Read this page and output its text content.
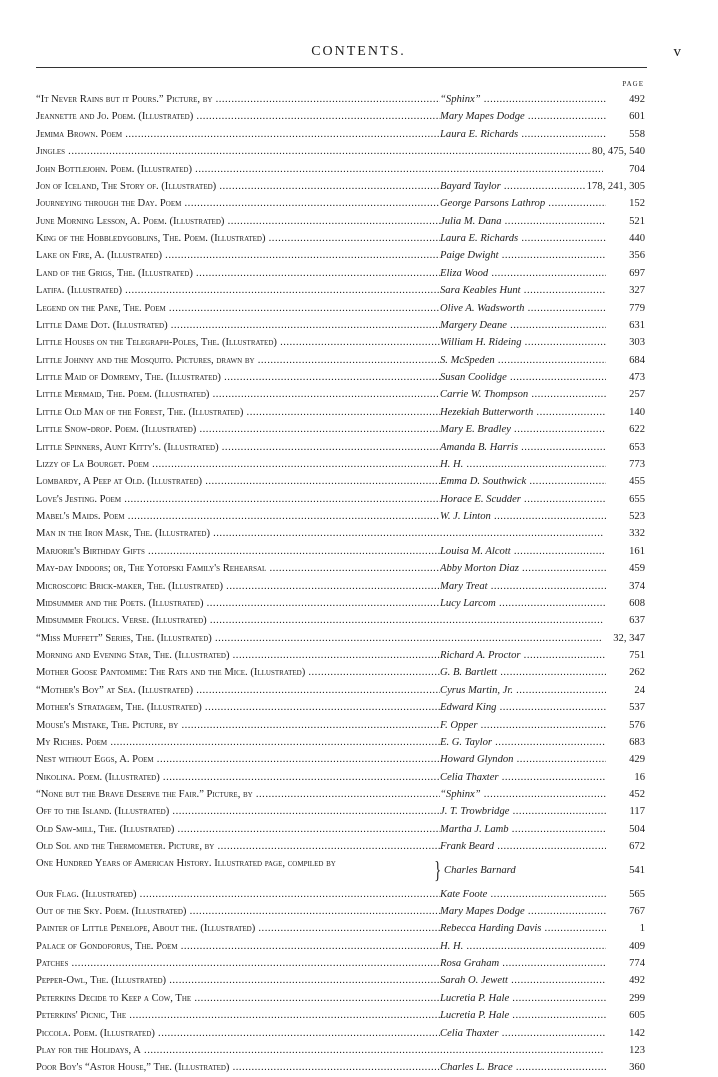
CONTENTS.	v
PAGE
“It Never Rains but it Pours.” Picture, by .....	“Sphinx” .....	492
Jeannette and Jo. Poem. (Illustrated) .....	Mary Mapes Dodge .....	601
Jemima Brown. Poem .....	Laura E. Richards .....	558
Jingles .....	80, 475, 540
John Bottlejohn. Poem. (Illustrated) .....	704
Jon of Iceland, The Story of. (Illustrated) .....	Bayard Taylor .....	178, 241, 305
Journeying through the Day. Poem .....	George Parsons Lathrop .....	152
June Morning Lesson, A. Poem. (Illustrated) .....	Julia M. Dana .....	521
King of the Hobbledygoblins, The. Poem. (Illustrated) .....	Laura E. Richards .....	440
Lake on Fire, A. (Illustrated) .....	Paige Dwight .....	356
Land of the Grigs, The. (Illustrated) .....	Eliza Wood .....	697
Latifa. (Illustrated) .....	Sara Keables Hunt .....	327
Legend on the Pane, The. Poem .....	Olive A. Wadsworth .....	779
Little Dame Dot. (Illustrated) .....	Margery Deane .....	631
Little Houses on the Telegraph-Poles, The. (Illustrated) .....	William H. Rideing .....	303
Little Johnny and the Mosquito. Pictures, drawn by .....	S. McSpeden .....	684
Little Maid of Domremy, The. (Illustrated) .....	Susan Coolidge .....	473
Little Mermaid, The. Poem. (Illustrated) .....	Carrie W. Thompson .....	257
Little Old Man of the Forest, The. (Illustrated) .....	Hezekiah Butterworth .....	140
Little Snow-drop. Poem. (Illustrated) .....	Mary E. Bradley .....	622
Little Spinners, Aunt Kitty's. (Illustrated) .....	Amanda B. Harris .....	653
Lizzy of La Bourget. Poem .....	H. H. .....	773
Lombardy, A Peep at Old. (Illustrated) .....	Emma D. Southwick .....	455
Love's Jesting. Poem .....	Horace E. Scudder .....	655
Mabel's Maids. Poem .....	W. J. Linton .....	523
Man in the Iron Mask, The. (Illustrated) .....	332
Marjorie's Birthday Gifts .....	Louisa M. Alcott .....	161
May-day Indoors; or, The Yotopski Family's Rehearsal .....	Abby Morton Diaz .....	459
Microscopic Brick-maker, The. (Illustrated) .....	Mary Treat .....	374
Midsummer and the Poets. (Illustrated) .....	Lucy Larcom .....	608
Midsummer Frolics. Verse. (Illustrated) .....	637
“Miss Muffett” Series, The. (Illustrated) .....	32, 347
Morning and Evening Star, The. (Illustrated) .....	Richard A. Proctor .....	751
Mother Goose Pantomime: The Rats and the Mice. (Illustrated) .....	G. B. Bartlett .....	262
“Mother's Boy” at Sea. (Illustrated) .....	Cyrus Martin, Jr. .....	24
Mother's Stratagem, The. (Illustrated) .....	Edward King .....	537
Mouse's Mistake, The. Picture, by .....	F. Opper .....	576
My Riches. Poem .....	E. G. Taylor .....	683
Nest without Eggs, A. Poem .....	Howard Glyndon .....	429
Nikolina. Poem. (Illustrated) .....	Celia Thaxter .....	16
“None but the Brave Deserve the Fair.” Picture, by .....	“Sphinx” .....	452
Off to the Island. (Illustrated) .....	J. T. Trowbridge .....	117
Old Saw-mill, The. (Illustrated) .....	Martha J. Lamb .....	504
Old Sol and the Thermometer. Picture, by .....	Frank Beard .....	672
One Hundred Years of American History. Illustrated page, compiled by	} Charles Barnard	541
Our Flag. (Illustrated) .....	Kate Foote .....	565
Out of the Sky. Poem. (Illustrated) .....	Mary Mapes Dodge .....	767
Painter of Little Penelope, About the. (Illustrated) .....	Rebecca Harding Davis .....	1
Palace of Gondoforus, The. Poem .....	H. H. .....	409
Patches .....	Rosa Graham .....	774
Pepper-Owl, The. (Illustrated) .....	Sarah O. Jewett .....	492
Peterkins Decide to Keep a Cow, The .....	Lucretia P. Hale .....	299
Peterkins' Picnic, The .....	Lucretia P. Hale .....	605
Piccola. Poem. (Illustrated) .....	Celia Thaxter .....	142
Play for the Holidays, A .....	123
Poor Boy's “Astor House,” The. (Illustrated) .....	Charles L. Brace .....	360
